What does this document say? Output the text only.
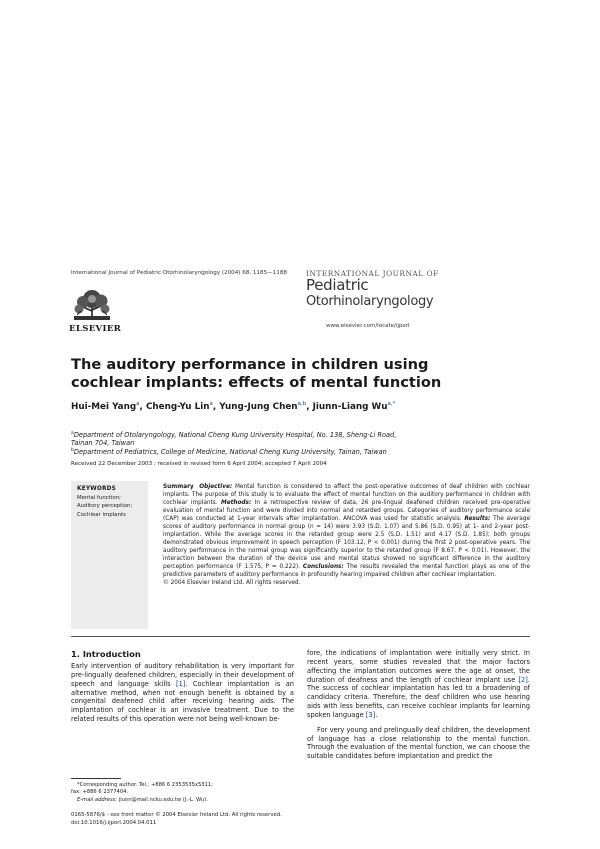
International Journal of Pediatric Otorhinolaryngology (2004) 68, 1185—1188
ELSEVIER
INTERNATIONAL JOURNAL OF
Pediatric
Otorhinolaryngology
www.elsevier.com/locate/ijporl
The auditory performance in children using
cochlear implants: effects of mental function
Hui-Mei Yang$^a$, Cheng-Yu Lin$^a$, Yung-Jung Chen$^{a,b}$, Jiunn-Liang $Wu^{a,*}$
$^a$Department of Otolaryngology, National Cheng Kung University Hospital, No. 138, Sheng-Li Road,
Tainan 704, Taiwan
$^b$Department of Pediatrics, College of Medicine, National Cheng Kung University, Tainan, Taiwan
Received 22 December 2003 ; received in revised form 6 April 2004; accepted 7 April 2004
KEYWORDS
Mental function;
Auditory perception;
Cochlear implants
Summary Objective: Mental function is considered to affect the post-operative outcomes of deaf children with cochlear implants. The purpose of this study is to evaluate the effect of mental function on the auditory performance in children with cochlear implants. Methods: In a retrospective review of data, 26 pre-lingual deafened children received pre-operative evaluation of mental function and were divided into normal and retarded groups. Categories of auditory performance scale (CAP) was conducted at 1-year intervals after implantation. ANCOVA was used for statistic analysis. Results: The average scores of auditory performance in normal group (n = 14) were 3.93 (S.D. 1.07) and 5.86 (S.D. 0.95) at 1- and 2-year post-implantation. While the average scores in the retarded group were 2.5 (S.D. 1.51) and 4.17 (S.D. 1.85); both groups demonstrated obvious improvement in speech perception (F 103.12, P < 0.001) during the first 2 post-operative years. The auditory performance in the normal group was significantly superior to the retarded group (F 8.67, P < 0.01). However, the interaction between the duration of the device use and mental status showed no significant difference in the auditory perception performance (F 1.575, P = 0.222). Conclusions: The results revealed the mental function plays as one of the predictive parameters of auditory performance in profoundly hearing impaired children after cochlear implantation.
© 2004 Elsevier Ireland Ltd. All rights reserved.
1. Introduction
Early intervention of auditory rehabilitation is very important for pre-lingually deafened children, especially in their development of speech and language skills [1]. Cochlear implantation is an alternative method, when not enough benefit is obtained by a congenital deafened child after receiving hearing aids. The implantation of cochlear is an invasive treatment. Due to the related results of this operation were not being well-known be-
fore, the indications of implantation were initially very strict. In recent years, some studies revealed that the major factors affecting the implantation outcomes were the age at onset, the duration of deafness and the length of cochlear implant use [2]. The success of cochlear implantation has led to a broadening of candidacy criteria. Therefore, the deaf children who use hearing aids with less benefits, can receive cochlear implants for learning spoken language [3].
For very young and prelingually deaf children, the development of language has a close relationship to the mental function. Through the evaluation of the mental function, we can choose the suitable candidates before implantation and predict the
*Corresponding author. Tel.: +886 6 2353535x5311;
fax: +886 6 2377404.
E-mail address: jiunn@mail.ncku.edu.tw (J.-L. Wu).
0165-5876/$ - see front matter © 2004 Elsevier Ireland Ltd. All rights reserved.
doi:10.1016/j.ijporl.2004.04.011
